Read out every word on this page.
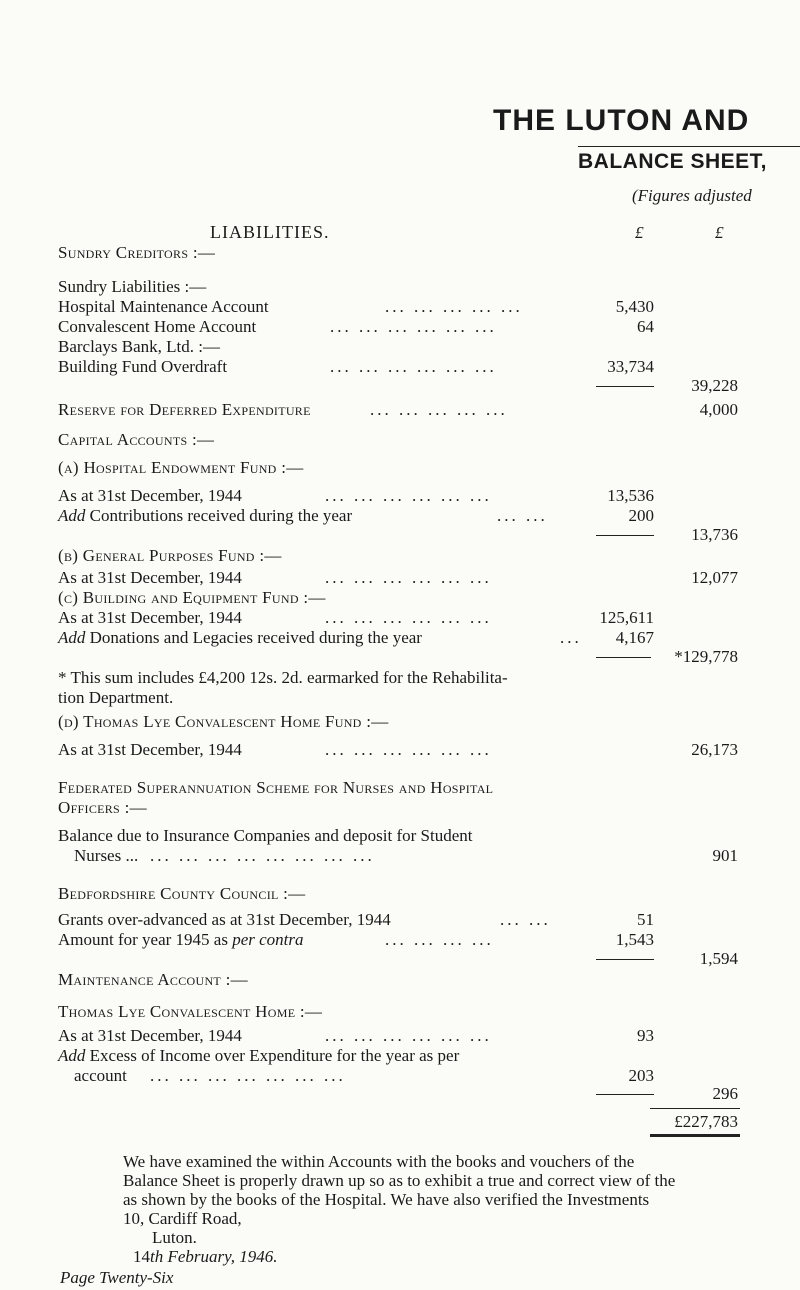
THE LUTON AND
BALANCE SHEET,
(Figures adjusted
LIABILITIES.	£	£
Sundry Creditors :—
Sundry Liabilities :—
Hospital Maintenance Account	... ... ... ... ...	5,430
Convalescent Home Account	... ... ... ... ... ...	64
Barclays Bank, Ltd. :—
Building Fund Overdraft	... ... ... ... ... ...	33,734
39,228
Reserve for Deferred Expenditure	... ... ... ... ...	4,000
Capital Accounts :—
(a) Hospital Endowment Fund :—
As at 31st December, 1944	... ... ... ... ... ...	13,536
Add Contributions received during the year	... ...	200
13,736
(b) General Purposes Fund :—
As at 31st December, 1944	... ... ... ... ... ...	12,077
(c) Building and Equipment Fund :—
As at 31st December, 1944	... ... ... ... ... ...	125,611
Add Donations and Legacies received during the year	...	4,167
*129,778
* This sum includes £4,200 12s. 2d. earmarked for the Rehabilita-
tion Department.
(d) Thomas Lye Convalescent Home Fund :—
As at 31st December, 1944	... ... ... ... ... ...	26,173
Federated Superannuation Scheme for Nurses and Hospital
Officers :—
Balance due to Insurance Companies and deposit for Student
Nurses ... ... ... ... ... ... ... ... ...	901
Bedfordshire County Council :—
Grants over-advanced as at 31st December, 1944	... ...	51
Amount for year 1945 as per contra	... ... ... ...	1,543
1,594
Maintenance Account :—
Thomas Lye Convalescent Home :—
As at 31st December, 1944	... ... ... ... ... ...	93
Add Excess of Income over Expenditure for the year as per
account ... ... ... ... ... ... ...	203
296
£227,783
We have examined the within Accounts with the books and vouchers of the
Balance Sheet is properly drawn up so as to exhibit a true and correct view of the
as shown by the books of the Hospital. We have also verified the Investments
10, Cardiff Road,
Luton.
14th February, 1946.
Page Twenty-Six
